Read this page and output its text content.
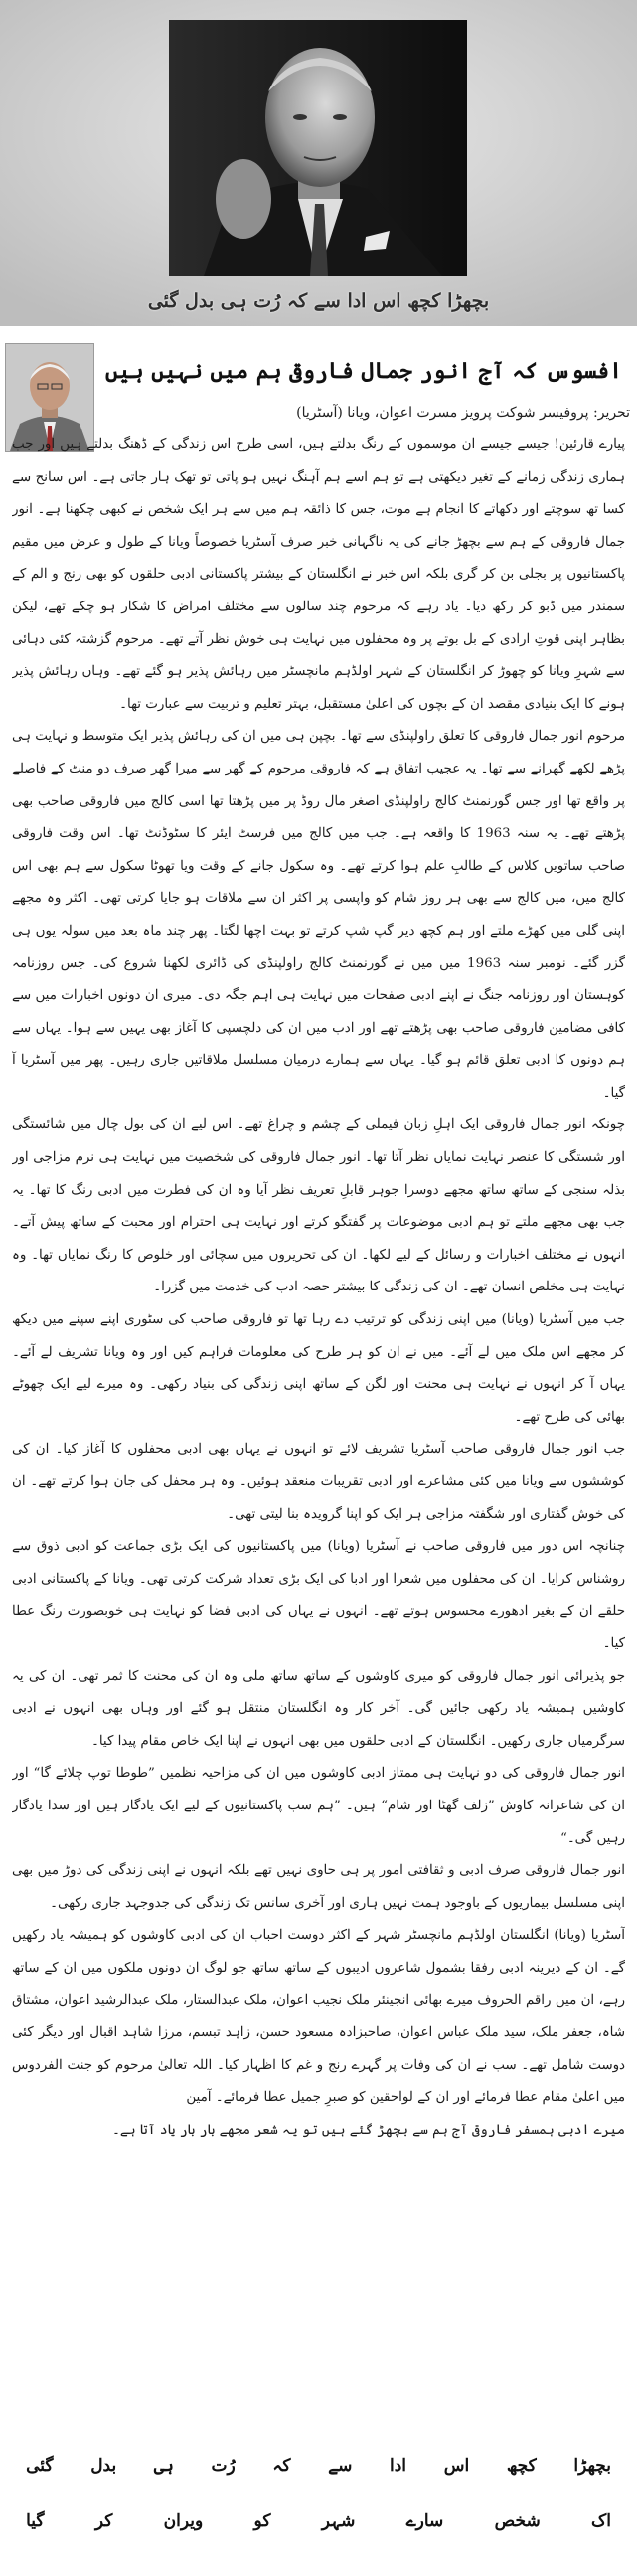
بچھڑا کچھ اس ادا سے کہ رُت ہی بدل گئی
افسوس کہ آج انور جمال فاروقی ہم میں نہیں ہیں
تحریر: پروفیسر شوکت پرویز مسرت اعوان، ویانا (آسٹریا)

پیارے قارئین! جیسے جیسے ان موسموں کے رنگ بدلتے ہیں، اسی طرح اس زندگی کے ڈھنگ بدلتے ہیں اور جب ہماری زندگی زمانے کے تغیر دیکھتی ہے تو ہم اسے ہم آہنگ نہیں ہو پاتی تو تھک ہار جاتی ہے۔ اس سانح سے کسا تھ سوچتے اور دکھاتے کا انجام ہے موت، جس کا ذائقہ ہم میں سے ہر ایک شخص نے کبھی چکھنا ہے۔ انور جمال فاروقی کے ہم سے بچھڑ جانے کی یہ ناگہانی خبر صرف آسٹریا خصوصاً ویانا کے طول و عرض میں مقیم پاکستانیوں پر بجلی بن کر گری بلکہ اس خبر نے انگلستان کے بیشتر پاکستانی ادبی حلقوں کو بھی رنج و الم کے سمندر میں ڈبو کر رکھ دیا۔ یاد رہے کہ مرحوم چند سالوں سے مختلف امراض کا شکار ہو چکے تھے، لیکن بظاہر اپنی قوتِ ارادی کے بل بوتے پر وہ محفلوں میں نہایت ہی خوش نظر آتے تھے۔ مرحوم گزشتہ کئی دہائی سے شہرِ ویانا کو چھوڑ کر انگلستان کے شہر اولڈہم مانچسٹر میں رہائش پذیر ہو گئے تھے۔ وہاں رہائش پذیر ہونے کا ایک بنیادی مقصد ان کے بچوں کی اعلیٰ مستقبل، بہتر تعلیم و تربیت سے عبارت تھا۔

مرحوم انور جمال فاروقی کا تعلق راولپنڈی سے تھا۔ بچپن ہی میں ان کی رہائش پذیر ایک متوسط و نہایت ہی پڑھے لکھے گھرانے سے تھا۔ یہ عجیب اتفاق ہے کہ فاروقی مرحوم کے گھر سے میرا گھر صرف دو منٹ کے فاصلے پر واقع تھا اور جس گورنمنٹ کالج راولپنڈی اصغر مال روڈ پر میں پڑھتا تھا اسی کالج میں فاروقی صاحب بھی پڑھتے تھے۔ یہ سنہ 1963 کا واقعہ ہے۔ جب میں کالج میں فرسٹ ایئر کا سٹوڈنٹ تھا۔ اس وقت فاروقی صاحب ساتویں کلاس کے طالبِ علم ہوا کرتے تھے۔ وہ سکول جانے کے وقت ویا تھوٹا سکول سے ہم بھی اس کالج میں، میں کالج سے بھی ہر روز شام کو واپسی پر اکثر ان سے ملاقات ہو جایا کرتی تھی۔ اکثر وہ مجھے اپنی گلی میں کھڑے ملتے اور ہم کچھ دیر گپ شپ کرتے تو بہت اچھا لگتا۔ پھر چند ماہ بعد میں سولہ یوں ہی گزر گئے۔ نومبر سنہ 1963 میں میں نے گورنمنٹ کالج راولپنڈی کی ڈائری لکھنا شروع کی۔ جس روزنامہ کوہستان اور روزنامہ جنگ نے اپنے ادبی صفحات میں نہایت ہی اہم جگہ دی۔ میری ان دونوں اخبارات میں سے کافی مضامین فاروقی صاحب بھی پڑھتے تھے اور ادب میں ان کی دلچسپی کا آغاز بھی یہیں سے ہوا۔ یہاں سے ہم دونوں کا ادبی تعلق قائم ہو گیا۔ یہاں سے ہمارے درمیان مسلسل ملاقاتیں جاری رہیں۔ پھر میں آسٹریا آ گیا۔

چونکہ انور جمال فاروقی ایک اہلِ زبان فیملی کے چشم و چراغ تھے۔ اس لیے ان کی بول چال میں شائستگی اور شستگی کا عنصر نہایت نمایاں نظر آتا تھا۔ انور جمال فاروقی کی شخصیت میں نہایت ہی نرم مزاجی اور بذلہ سنجی کے ساتھ ساتھ مجھے دوسرا جوہر قابلِ تعریف نظر آیا وہ ان کی فطرت میں ادبی رنگ کا تھا۔ یہ جب بھی مجھے ملتے تو ہم ادبی موضوعات پر گفتگو کرتے اور نہایت ہی احترام اور محبت کے ساتھ پیش آتے۔ انہوں نے مختلف اخبارات و رسائل کے لیے لکھا۔ ان کی تحریروں میں سچائی اور خلوص کا رنگ نمایاں تھا۔ وہ نہایت ہی مخلص انسان تھے۔ ان کی زندگی کا بیشتر حصہ ادب کی خدمت میں گزرا۔

جب میں آسٹریا (ویانا) میں اپنی زندگی کو ترتیب دے رہا تھا تو فاروقی صاحب کی سٹوری اپنے سپنے میں دیکھ کر مجھے اس ملک میں لے آئے۔ میں نے ان کو ہر طرح کی معلومات فراہم کیں اور وہ ویانا تشریف لے آئے۔ یہاں آ کر انہوں نے نہایت ہی محنت اور لگن کے ساتھ اپنی زندگی کی بنیاد رکھی۔ وہ میرے لیے ایک چھوٹے بھائی کی طرح تھے۔

جب انور جمال فاروقی صاحب آسٹریا تشریف لائے تو انہوں نے یہاں بھی ادبی محفلوں کا آغاز کیا۔ ان کی کوششوں سے ویانا میں کئی مشاعرے اور ادبی تقریبات منعقد ہوئیں۔ وہ ہر محفل کی جان ہوا کرتے تھے۔ ان کی خوش گفتاری اور شگفتہ مزاجی ہر ایک کو اپنا گرویدہ بنا لیتی تھی۔

چنانچہ اس دور میں فاروقی صاحب نے آسٹریا (ویانا) میں پاکستانیوں کی ایک بڑی جماعت کو ادبی ذوق سے روشناس کرایا۔ ان کی محفلوں میں شعرا اور ادبا کی ایک بڑی تعداد شرکت کرتی تھی۔ ویانا کے پاکستانی ادبی حلقے ان کے بغیر ادھورے محسوس ہوتے تھے۔ انہوں نے یہاں کی ادبی فضا کو نہایت ہی خوبصورت رنگ عطا کیا۔

جو پذیرائی انور جمال فاروقی کو میری کاوشوں کے ساتھ ساتھ ملی وہ ان کی محنت کا ثمر تھی۔ ان کی یہ کاوشیں ہمیشہ یاد رکھی جائیں گی۔ آخر کار وہ انگلستان منتقل ہو گئے اور وہاں بھی انہوں نے ادبی سرگرمیاں جاری رکھیں۔ انگلستان کے ادبی حلقوں میں بھی انہوں نے اپنا ایک خاص مقام پیدا کیا۔

انور جمال فاروقی کی دو نہایت ہی ممتاز ادبی کاوشوں میں ان کی مزاحیہ نظمیں ”طوطا توپ چلائے گا“ اور ان کی شاعرانہ کاوش ”زلف گھٹا اور شام“ ہیں۔ ”ہم سب پاکستانیوں کے لیے ایک یادگار ہیں اور سدا یادگار رہیں گی۔“

انور جمال فاروقی صرف ادبی و ثقافتی امور پر ہی حاوی نہیں تھے بلکہ انہوں نے اپنی زندگی کی دوڑ میں بھی اپنی مسلسل بیماریوں کے باوجود ہمت نہیں ہاری اور آخری سانس تک زندگی کی جدوجہد جاری رکھی۔

آسٹریا (ویانا) انگلستان اولڈہم مانچسٹر شہر کے اکثر دوست احباب ان کی ادبی کاوشوں کو ہمیشہ یاد رکھیں گے۔ ان کے دیرینہ ادبی رفقا بشمول شاعروں ادیبوں کے ساتھ ساتھ جو لوگ ان دونوں ملکوں میں ان کے ساتھ رہے، ان میں راقم الحروف میرے بھائی انجینئر ملک نجیب اعوان، ملک عبدالستار، ملک عبدالرشید اعوان، مشتاق شاہ، جعفر ملک، سید ملک عباس اعوان، صاحبزادہ مسعود حسن، زاہد تبسم، مرزا شاہد اقبال اور دیگر کئی دوست شامل تھے۔ سب نے ان کی وفات پر گہرے رنج و غم کا اظہار کیا۔ اللہ تعالیٰ مرحوم کو جنت الفردوس میں اعلیٰ مقام عطا فرمائے اور ان کے لواحقین کو صبرِ جمیل عطا فرمائے۔ آمین

میرے ادبی ہمسفر فاروقی آج ہم سے بچھڑ گئے ہیں تو یہ شعر مجھے بار بار یاد آتا ہے۔

بچھڑا
کچھ
اس
ادا
سے
کہ
رُت
ہی
بدل
گئی
اک
شخص
سارے
شہر
کو
ویران
کر
گیا
